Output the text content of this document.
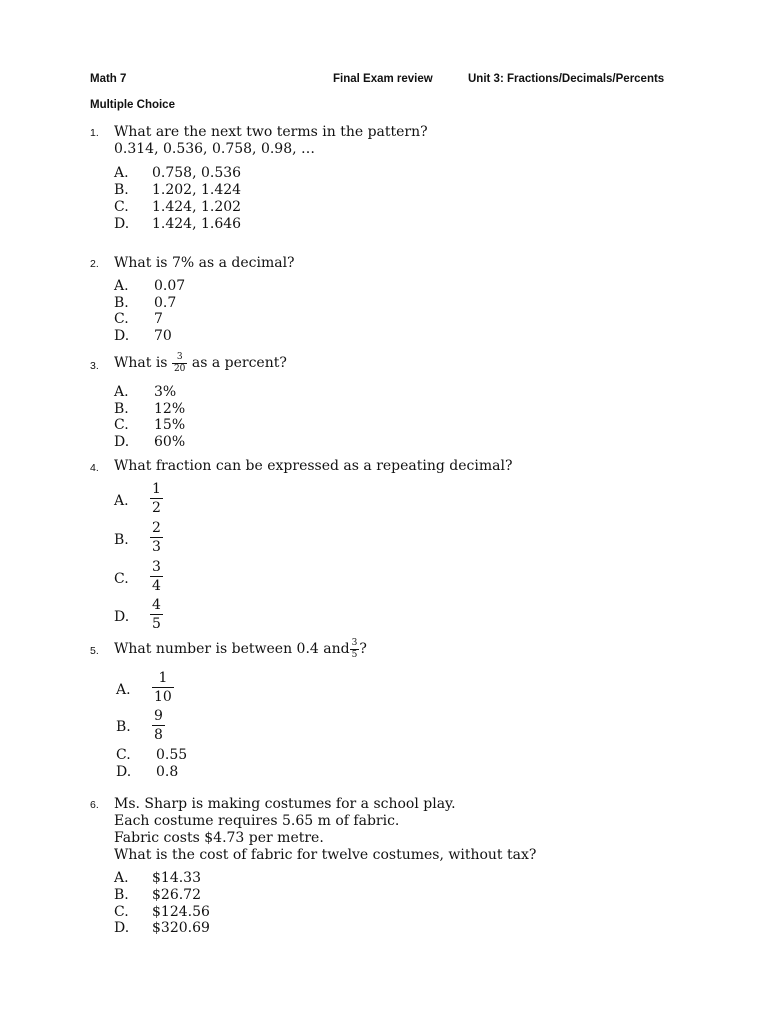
Math 7	Final Exam review	Unit 3: Fractions/Decimals/Percents
Multiple Choice
1. What are the next two terms in the pattern?
0.314, 0.536, 0.758, 0.98, …
A. 0.758, 0.536
B. 1.202, 1.424
C. 1.424, 1.202
D. 1.424, 1.646
2. What is 7% as a decimal?
A. 0.07
B. 0.7
C. 7
D. 70
3. What is $\frac{3}{20}$ as a percent?
A. 3%
B. 12%
C. 15%
D. 60%
4. What fraction can be expressed as a repeating decimal?
A.
1
2
B.
2
3
C.
3
4
D.
4
5
5. What number is between 0.4 and $\frac{3}{5}$ ?
A.
1
10
B.
9
8
C. 0.55
D. 0.8
6. Ms. Sharp is making costumes for a school play.
Each costume requires 5.65 m of fabric.
Fabric costs $4.73 per metre.
What is the cost of fabric for twelve costumes, without tax?
A. $14.33
B. $26.72
C. $124.56
D. $320.69
